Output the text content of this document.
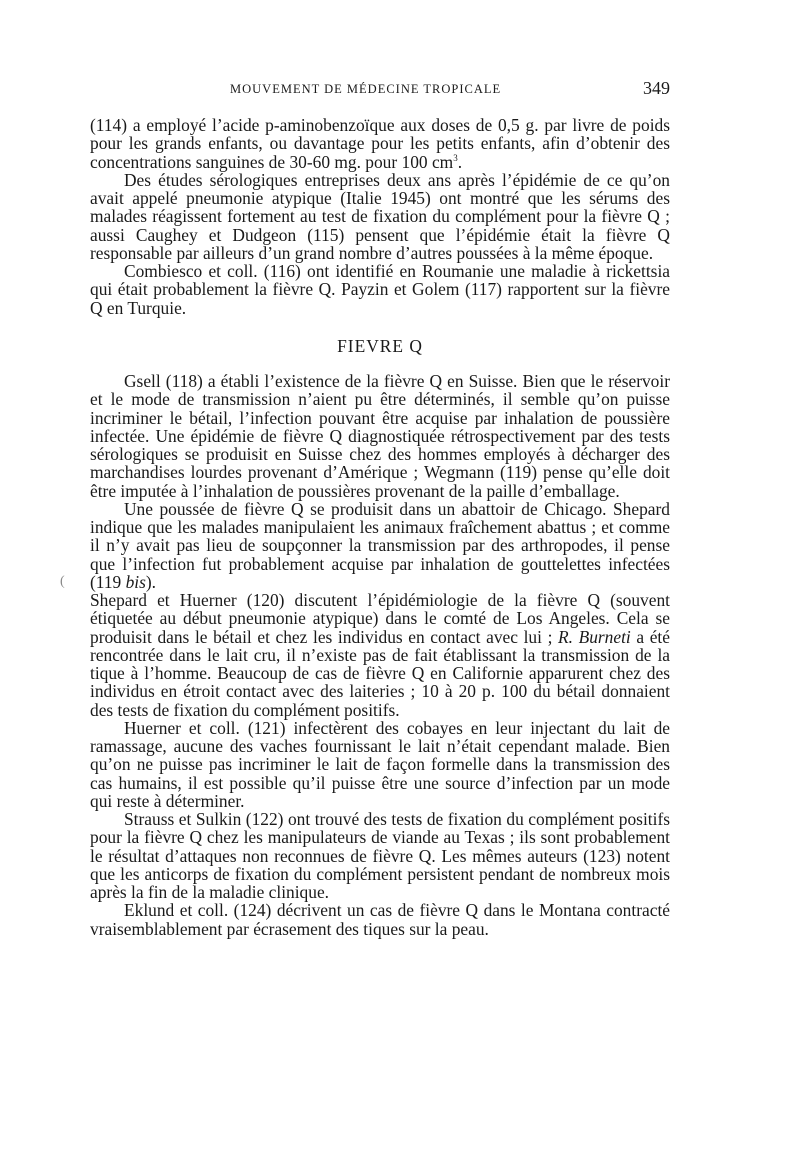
MOUVEMENT DE MÉDECINE TROPICALE	349
(

(114) a employé l’acide p-aminobenzoïque aux doses de 0,5 g. par livre de poids pour les grands enfants, ou davantage pour les petits enfants, afin d’obtenir des concentrations sanguines de 30-60 mg. pour 100 $cm^3$.

Des études sérologiques entreprises deux ans après l’épidémie de ce qu’on avait appelé pneumonie atypique (Italie 1945) ont montré que les sérums des malades réagissent fortement au test de fixation du complément pour la fièvre Q ; aussi Caughey et Dudgeon (115) pensent que l’épidémie était la fièvre Q responsable par ailleurs d’un grand nombre d’autres poussées à la même époque.

Combiesco et coll. (116) ont identifié en Roumanie une maladie à rickettsia qui était probablement la fièvre Q. Payzin et Golem (117) rapportent sur la fièvre Q en Turquie.

FIEVRE Q

Gsell (118) a établi l’existence de la fièvre Q en Suisse. Bien que le réservoir et le mode de transmission n’aient pu être déterminés, il semble qu’on puisse incriminer le bétail, l’infection pouvant être acquise par inhalation de poussière infectée. Une épidémie de fièvre Q diagnostiquée rétrospectivement par des tests sérologiques se produisit en Suisse chez des hommes employés à décharger des marchandises lourdes provenant d’Amérique ; Wegmann (119) pense qu’elle doit être imputée à l’inhalation de poussières provenant de la paille d’emballage.

Une poussée de fièvre Q se produisit dans un abattoir de Chicago. Shepard indique que les malades manipulaient les animaux fraîchement abattus ; et comme il n’y avait pas lieu de soupçonner la transmission par des arthropodes, il pense que l’infection fut probablement acquise par inhalation de gouttelettes infectées (119 bis).

Shepard et Huerner (120) discutent l’épidémiologie de la fièvre Q (souvent étiquetée au début pneumonie atypique) dans le comté de Los Angeles. Cela se produisit dans le bétail et chez les individus en contact avec lui ; R. Burneti a été rencontrée dans le lait cru, il n’existe pas de fait établissant la transmission de la tique à l’homme. Beaucoup de cas de fièvre Q en Californie apparurent chez des individus en étroit contact avec des laiteries ; 10 à 20 p. 100 du bétail donnaient des tests de fixation du complément positifs.

Huerner et coll. (121) infectèrent des cobayes en leur injectant du lait de ramassage, aucune des vaches fournissant le lait n’était cependant malade. Bien qu’on ne puisse pas incriminer le lait de façon formelle dans la transmission des cas humains, il est possible qu’il puisse être une source d’infection par un mode qui reste à déterminer.

Strauss et Sulkin (122) ont trouvé des tests de fixation du complément positifs pour la fièvre Q chez les manipulateurs de viande au Texas ; ils sont probablement le résultat d’attaques non reconnues de fièvre Q. Les mêmes auteurs (123) notent que les anticorps de fixation du complément persistent pendant de nombreux mois après la fin de la maladie clinique.

Eklund et coll. (124) décrivent un cas de fièvre Q dans le Montana contracté vraisemblablement par écrasement des tiques sur la peau.
